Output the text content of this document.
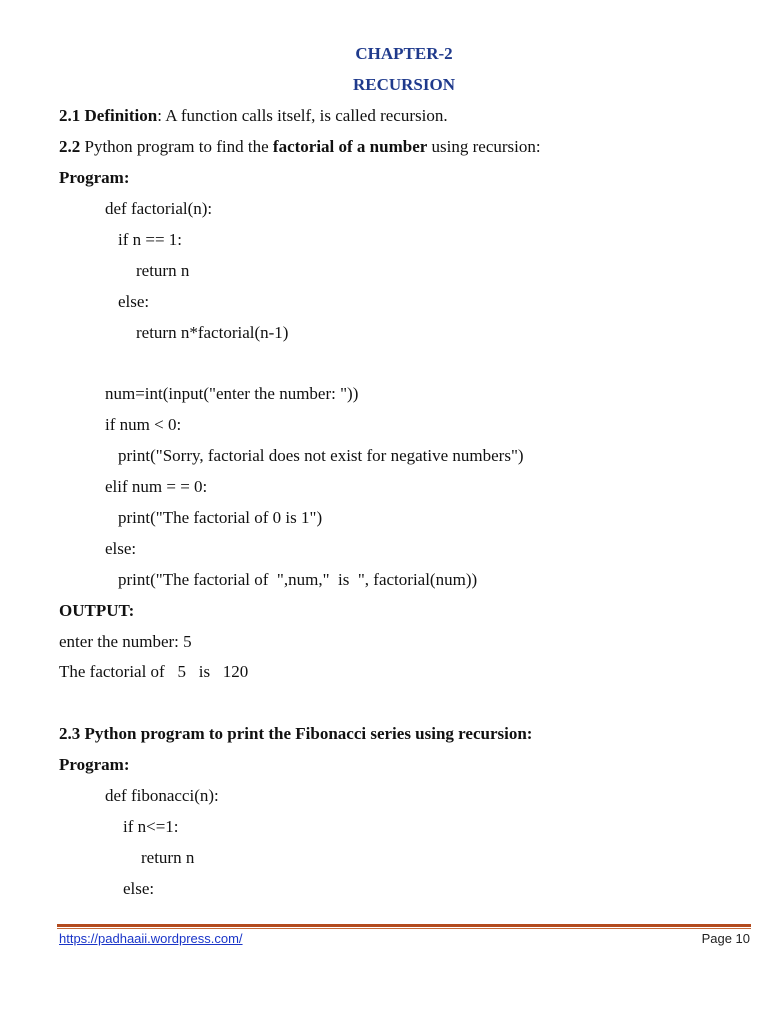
CHAPTER-2
RECURSION
2.1 Definition: A function calls itself, is called recursion.
2.2 Python program to find the factorial of a number using recursion:
Program:
def factorial(n):
if n == 1:
return n
else:
return n*factorial(n-1)
num=int(input("enter the number: "))
if num < 0:
print("Sorry, factorial does not exist for negative numbers")
elif num = = 0:
print("The factorial of 0 is 1")
else:
print("The factorial of  ",num,"  is  ", factorial(num))
OUTPUT:
enter the number: 5
The factorial of   5   is   120
2.3 Python program to print the Fibonacci series using recursion:
Program:
def fibonacci(n):
if n<=1:
return n
else:
https://padhaaii.wordpress.com/	Page 10
